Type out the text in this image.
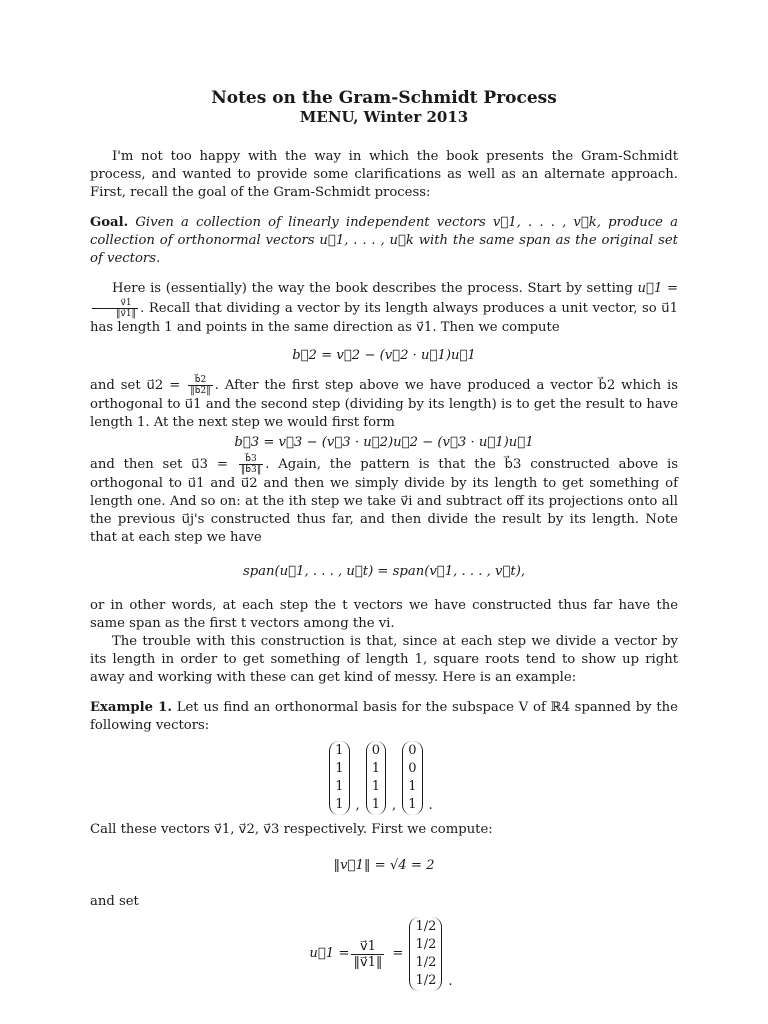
Notes on the Gram-Schmidt Process
MENU, Winter 2013

I'm not too happy with the way in which the book presents the Gram-Schmidt process, and wanted to provide some clarifications as well as an alternate approach. First, recall the goal of the Gram-Schmidt process:

Goal. Given a collection of linearly independent vectors v⃗1, . . . , v⃗k, produce a collection of orthonormal vectors u⃗1, . . . , u⃗k with the same span as the original set of vectors.

Here is (essentially) the way the book describes the process. Start by setting u⃗1 =
$\frac{v⃗1}{‖v⃗1‖}$ . Recall that dividing a vector by its length always produces a unit vector, so u⃗1 has length 1 and points in the same direction as v⃗1. Then we compute

b⃗2 = v⃗2 − (v⃗2 · u⃗1)u⃗1

and set u⃗2 = $\frac{b⃗2}{‖b⃗2‖}$ . After the first step above we have produced a vector b⃗2 which is orthogonal to u⃗1 and the second step (dividing by its length) is to get the result to have length 1. At the next step we would first form

b⃗3 = v⃗3 − (v⃗3 · u⃗2)u⃗2 − (v⃗3 · u⃗1)u⃗1

and then set u⃗3 = $\frac{b⃗3}{‖b⃗3‖}$ . Again, the pattern is that the b⃗3 constructed above is orthogonal to u⃗1 and u⃗2 and then we simply divide by its length to get something of length one. And so on: at the ith step we take v⃗i and subtract off its projections onto all the previous u⃗j's constructed thus far, and then divide the result by its length. Note that at each step we have

span(u⃗1, . . . , u⃗t) = span(v⃗1, . . . , v⃗t),

or in other words, at each step the t vectors we have constructed thus far have the same span as the first t vectors among the vi.

The trouble with this construction is that, since at each step we divide a vector by its length in order to get something of length 1, square roots tend to show up right away and working with these can get kind of messy. Here is an example:

Example 1. Let us find an orthonormal basis for the subspace V of ℝ4 spanned by the following vectors:

1
1
1
1 ,
0
1
1
1 ,
0
0
1
1 .

Call these vectors v⃗1, v⃗2, v⃗3 respectively. First we compute:

‖v⃗1‖ = √4 = 2

and set

u⃗1 = $\frac{v⃗1}{‖v⃗1‖}$ =
1/2
1/2
1/2
1/2 .
